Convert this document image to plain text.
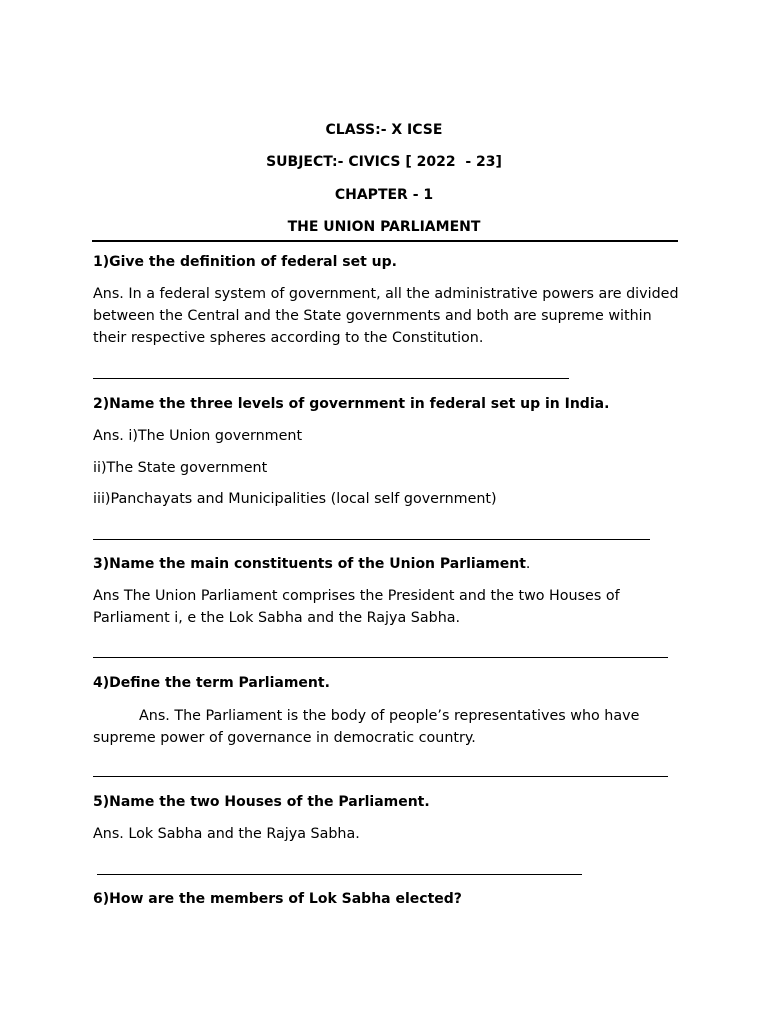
CLASS:- X ICSE
SUBJECT:- CIVICS [ 2022  - 23]
CHAPTER - 1
THE UNION PARLIAMENT
1)Give the definition of federal set up.
Ans. In a federal system of government, all the administrative powers are divided between the Central and the State governments and both are supreme within their respective spheres according to the Constitution.
2)Name the three levels of government in federal set up in India.
Ans. i)The Union government
ii)The State government
iii)Panchayats and Municipalities (local self government)
3)Name the main constituents of the Union Parliament.
Ans The Union Parliament comprises the President and the two Houses of Parliament i, e the Lok Sabha and the Rajya Sabha.
4)Define the term Parliament.
Ans. The Parliament is the body of people’s representatives who have supreme power of governance in democratic country.
5)Name the two Houses of the Parliament.
Ans. Lok Sabha and the Rajya Sabha.
6)How are the members of Lok Sabha elected?
